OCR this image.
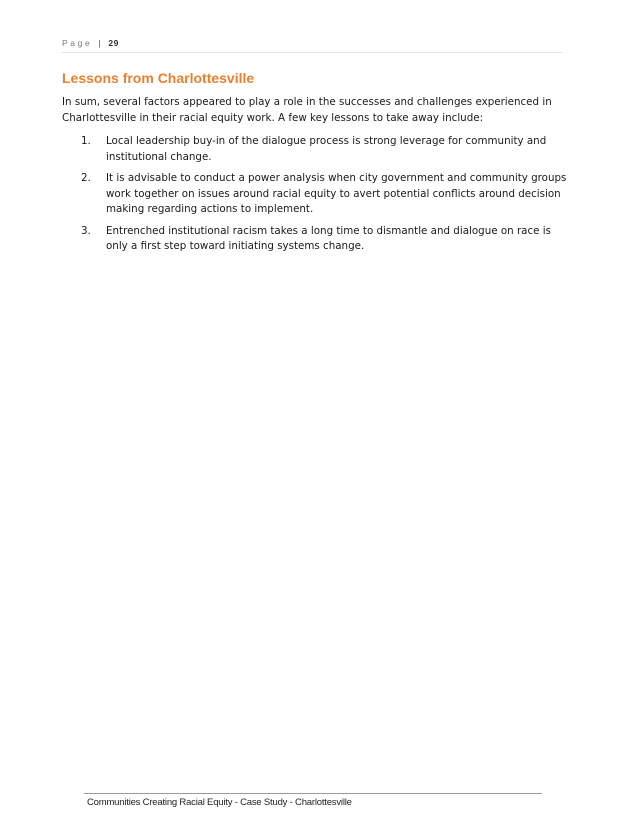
Page | 29
Lessons from Charlottesville

In sum, several factors appeared to play a role in the successes and challenges experienced in Charlottesville in their racial equity work. A few key lessons to take away include:

1. Local leadership buy-in of the dialogue process is strong leverage for community and institutional change.
2. It is advisable to conduct a power analysis when city government and community groups work together on issues around racial equity to avert potential conflicts around decision making regarding actions to implement.
3. Entrenched institutional racism takes a long time to dismantle and dialogue on race is only a first step toward initiating systems change.
Communities Creating Racial Equity - Case Study - Charlottesville
